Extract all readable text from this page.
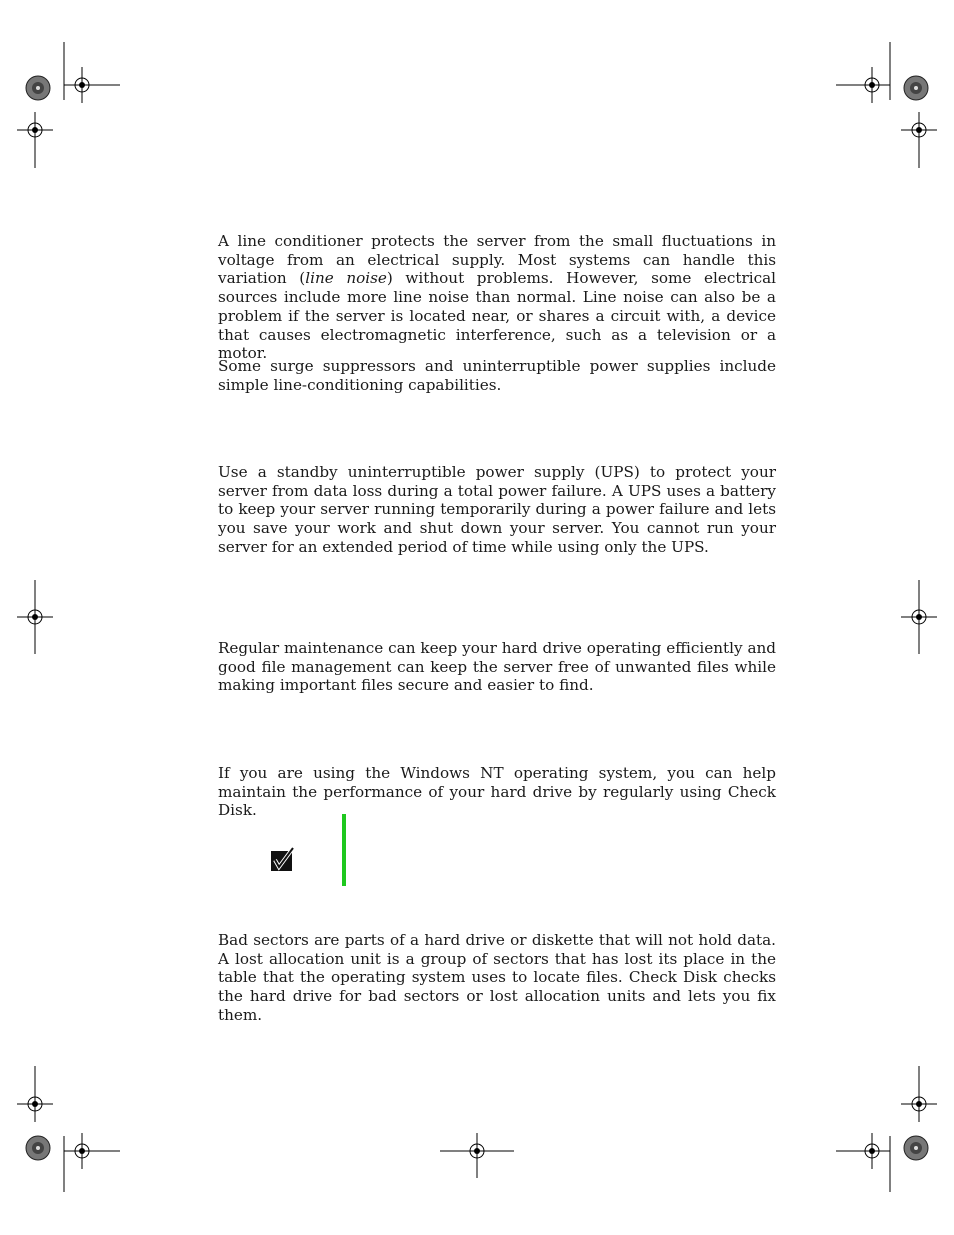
A line conditioner protects the server from the small fluctuations in voltage from an electrical supply. Most systems can handle this variation (line noise) without problems. However, some electrical sources include more line noise than normal. Line noise can also be a problem if the server is located near, or shares a circuit with, a device that causes electromagnetic interference, such as a television or a motor.

Some surge suppressors and uninterruptible power supplies include simple line-conditioning capabilities.

Use a standby uninterruptible power supply (UPS) to protect your server from data loss during a total power failure. A UPS uses a battery to keep your server running temporarily during a power failure and lets you save your work and shut down your server. You cannot run your server for an extended period of time while using only the UPS.

Regular maintenance can keep your hard drive operating efficiently and good file management can keep the server free of unwanted files while making important files secure and easier to find.

If you are using the Windows NT operating system, you can help maintain the performance of your hard drive by regularly using Check Disk.

Bad sectors are parts of a hard drive or diskette that will not hold data. A lost allocation unit is a group of sectors that has lost its place in the table that the operating system uses to locate files. Check Disk checks the hard drive for bad sectors or lost allocation units and lets you fix them.
